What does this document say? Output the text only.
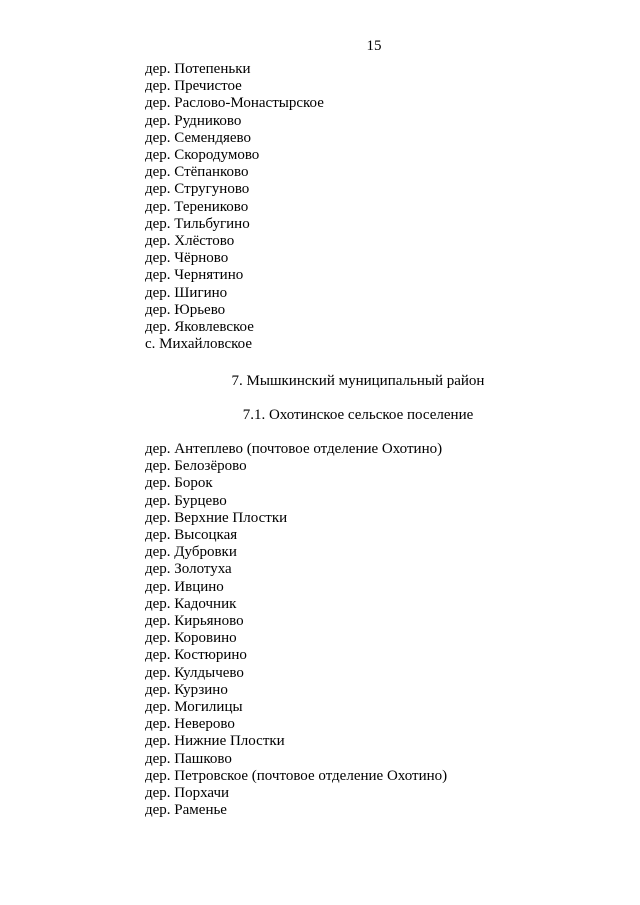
15
дер. Потепеньки
дер. Пречистое
дер. Раслово-Монастырское
дер. Рудниково
дер. Семендяево
дер. Скородумово
дер. Стёпанково
дер. Стругуново
дер. Терениково
дер. Тильбугино
дер. Хлёстово
дер. Чёрново
дер. Чернятино
дер. Шигино
дер. Юрьево
дер. Яковлевское
с. Михайловское
7. Мышкинский муниципальный район
7.1. Охотинское сельское поселение
дер. Антеплево (почтовое отделение Охотино)
дер. Белозёрово
дер. Борок
дер. Бурцево
дер. Верхние Плостки
дер. Высоцкая
дер. Дубровки
дер. Золотуха
дер. Ивцино
дер. Кадочник
дер. Кирьяново
дер. Коровино
дер. Костюрино
дер. Кулдычево
дер. Курзино
дер. Могилицы
дер. Неверово
дер. Нижние Плостки
дер. Пашково
дер. Петровское (почтовое отделение Охотино)
дер. Порхачи
дер. Раменье
